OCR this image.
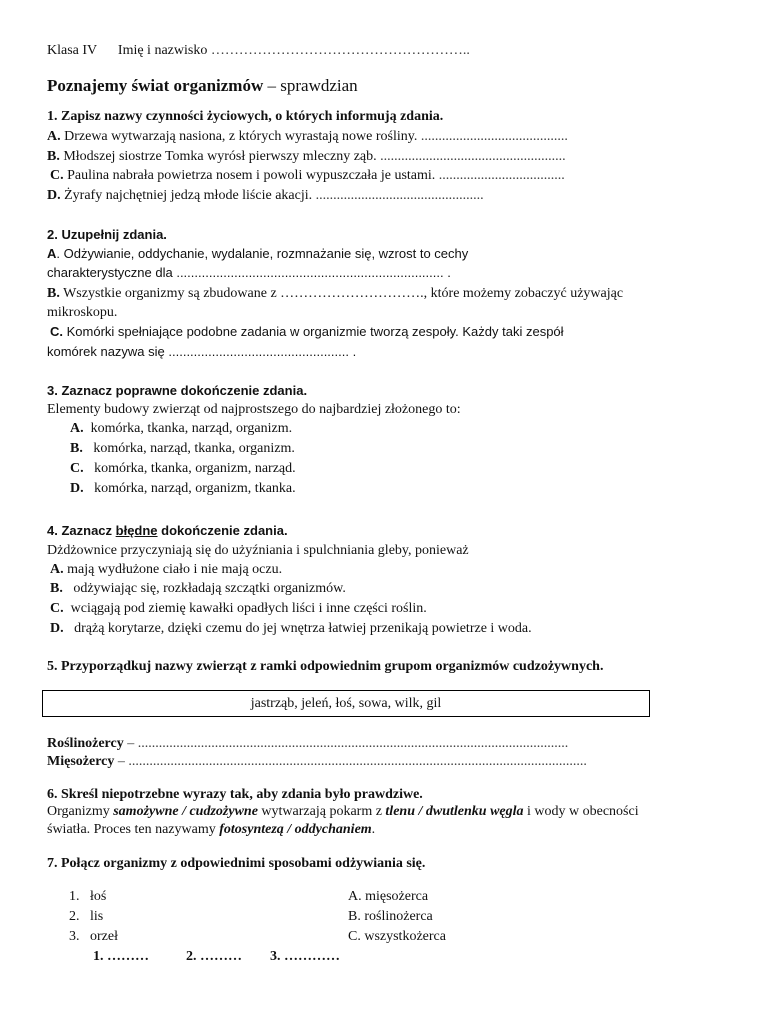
Klasa IV Imię i nazwisko ………………………………………………..
Poznajemy świat organizmów – sprawdzian
1. Zapisz nazwy czynności życiowych, o których informują zdania.
A. Drzewa wytwarzają nasiona, z których wyrastają nowe rośliny. ..........................................
B. Młodszej siostrze Tomka wyrósł pierwszy mleczny ząb. .....................................................
C. Paulina nabrała powietrza nosem i powoli wypuszczała je ustami. ....................................
D. Żyrafy najchętniej jedzą młode liście akacji. ................................................
2. Uzupełnij zdania.
A. Odżywianie, oddychanie, wydalanie, rozmnażanie się, wzrost to cechy
charakterystyczne dla .......................................................................... .
B. Wszystkie organizmy są zbudowane z …………………………., które możemy zobaczyć używając
mikroskopu.
C. Komórki spełniające podobne zadania w organizmie tworzą zespoły. Każdy taki zespół
komórek nazywa się .................................................. .
3. Zaznacz poprawne dokończenie zdania.
Elementy budowy zwierząt od najprostszego do najbardziej złożonego to:
A. komórka, tkanka, narząd, organizm.
B. komórka, narząd, tkanka, organizm.
C. komórka, tkanka, organizm, narząd.
D. komórka, narząd, organizm, tkanka.
4. Zaznacz błędne dokończenie zdania.
Dżdżownice przyczyniają się do użyźniania i spulchniania gleby, ponieważ
A. mają wydłużone ciało i nie mają oczu.
B. odżywiając się, rozkładają szczątki organizmów.
C. wciągają pod ziemię kawałki opadłych liści i inne części roślin.
D. drążą korytarze, dzięki czemu do jej wnętrza łatwiej przenikają powietrze i woda.
5. Przyporządkuj nazwy zwierząt z ramki odpowiednim grupom organizmów cudzożywnych.
jastrząb, jeleń, łoś, sowa, wilk, gil
Roślinożercy – ...........................................................................................................................
Mięsożercy – ...................................................................................................................................
6. Skreśl niepotrzebne wyrazy tak, aby zdania było prawdziwe.
Organizmy samożywne / cudzożywne wytwarzają pokarm z tlenu / dwutlenku węgla i wody w obecności
światła. Proces ten nazywamy fotosyntezą / oddychaniem.
7. Połącz organizmy z odpowiednimi sposobami odżywiania się.
1. łoś
2. lis
3. orzeł
A. mięsożerca
B. roślinożerca
C. wszystkożerca
1. ………	2. ……… 3. …………
